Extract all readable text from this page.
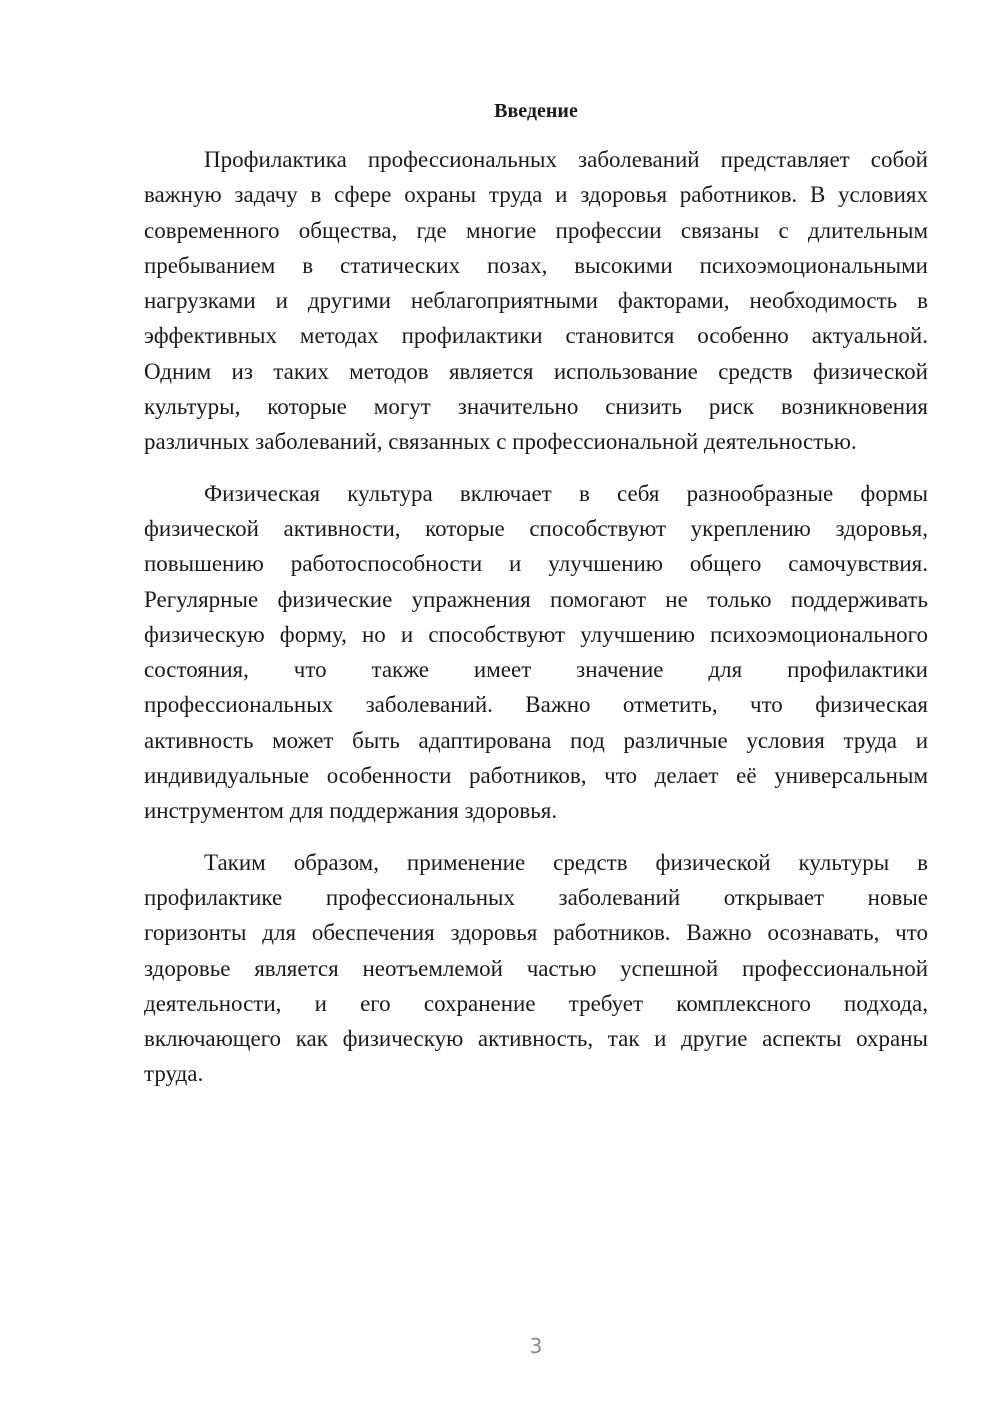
Введение
Профилактика профессиональных заболеваний представляет собой
важную задачу в сфере охраны труда и здоровья работников. В условиях
современного общества, где многие профессии связаны с длительным
пребыванием в статических позах, высокими психоэмоциональными
нагрузками и другими неблагоприятными факторами, необходимость в
эффективных методах профилактики становится особенно актуальной.
Одним из таких методов является использование средств физической
культуры, которые могут значительно снизить риск возникновения
различных заболеваний, связанных с профессиональной деятельностью.
Физическая культура включает в себя разнообразные формы
физической активности, которые способствуют укреплению здоровья,
повышению работоспособности и улучшению общего самочувствия.
Регулярные физические упражнения помогают не только поддерживать
физическую форму, но и способствуют улучшению психоэмоционального
состояния, что также имеет значение для профилактики
профессиональных заболеваний. Важно отметить, что физическая
активность может быть адаптирована под различные условия труда и
индивидуальные особенности работников, что делает её универсальным
инструментом для поддержания здоровья.
Таким образом, применение средств физической культуры в
профилактике профессиональных заболеваний открывает новые
горизонты для обеспечения здоровья работников. Важно осознавать, что
здоровье является неотъемлемой частью успешной профессиональной
деятельности, и его сохранение требует комплексного подхода,
включающего как физическую активность, так и другие аспекты охраны
труда.
3
